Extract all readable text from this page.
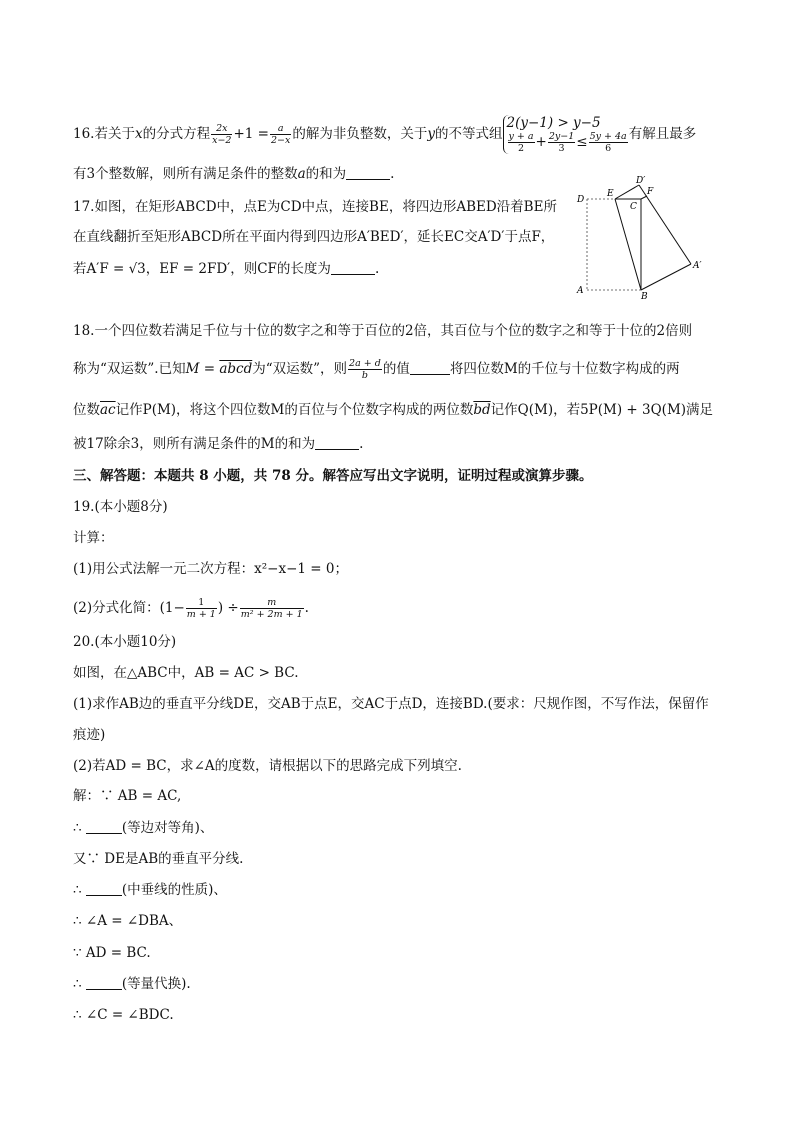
16.若关于x的分式方程 $\frac{2x}{x-2} +1 = \frac{a}{2-x}$ 的解为非负整数，关于y的不等式组
2(y−1) > y−5
$\frac{y + a}{2} + \frac{2y-1}{3} \le \frac{5y + 4a}{6}$ 有解且最多
有3个整数解，则所有满足条件的整数a的和为	.
17.如图，在矩形ABCD中，点E为CD中点，连接BE，将四边形ABED沿着BE所
在直线翻折至矩形ABCD所在平面内得到四边形A′BED′，延长EC交A′D′于点F，
若A′F = √3，EF = 2FD′，则CF的长度为	.
D
E
D′
F
C
A′
A
B
18.一个四位数若满足千位与十位的数字之和等于百位的2倍，其百位与个位的数字之和等于十位的2倍则
称为“双运数”.已知M = abcd为“双运数”，则 $\frac{2a + d}{b}$ 的值	将四位数M的千位与十位数字构成的两
位数$\overline{ac}$记作P(M)，将这个四位数M的百位与个位数字构成的两位数$\overline{bd}$记作Q(M)，若5P(M) + 3Q(M)满足
被17除余3，则所有满足条件的M的和为	.
三、解答题：本题共 8 小题，共 78 分。解答应写出文字说明，证明过程或演算步骤。
19.(本小题8分)
计算：
(1)用公式法解一元二次方程：x²−x−1 = 0；
(2)分式化简：($1- \frac{1}{m + 1}$ ) ÷ $\frac{m}{\text{m² + 2m + 1}}$ .
20.(本小题10分)
如图，在△ABC中，AB = AC > BC.
(1)求作AB边的垂直平分线DE，交AB于点E，交AC于点D，连接BD.(要求：尺规作图，不写作法，保留作
痕迹)
(2)若AD = BC，求∠A的度数，请根据以下的思路完成下列填空.
解：∵ AB = AC,
∴	(等边对等角)、
又∵ DE是AB的垂直平分线.
∴	(中垂线的性质)、
∴ ∠A = ∠DBA、
∵ AD = BC.
∴	(等量代换).
∴ ∠C = ∠BDC.
